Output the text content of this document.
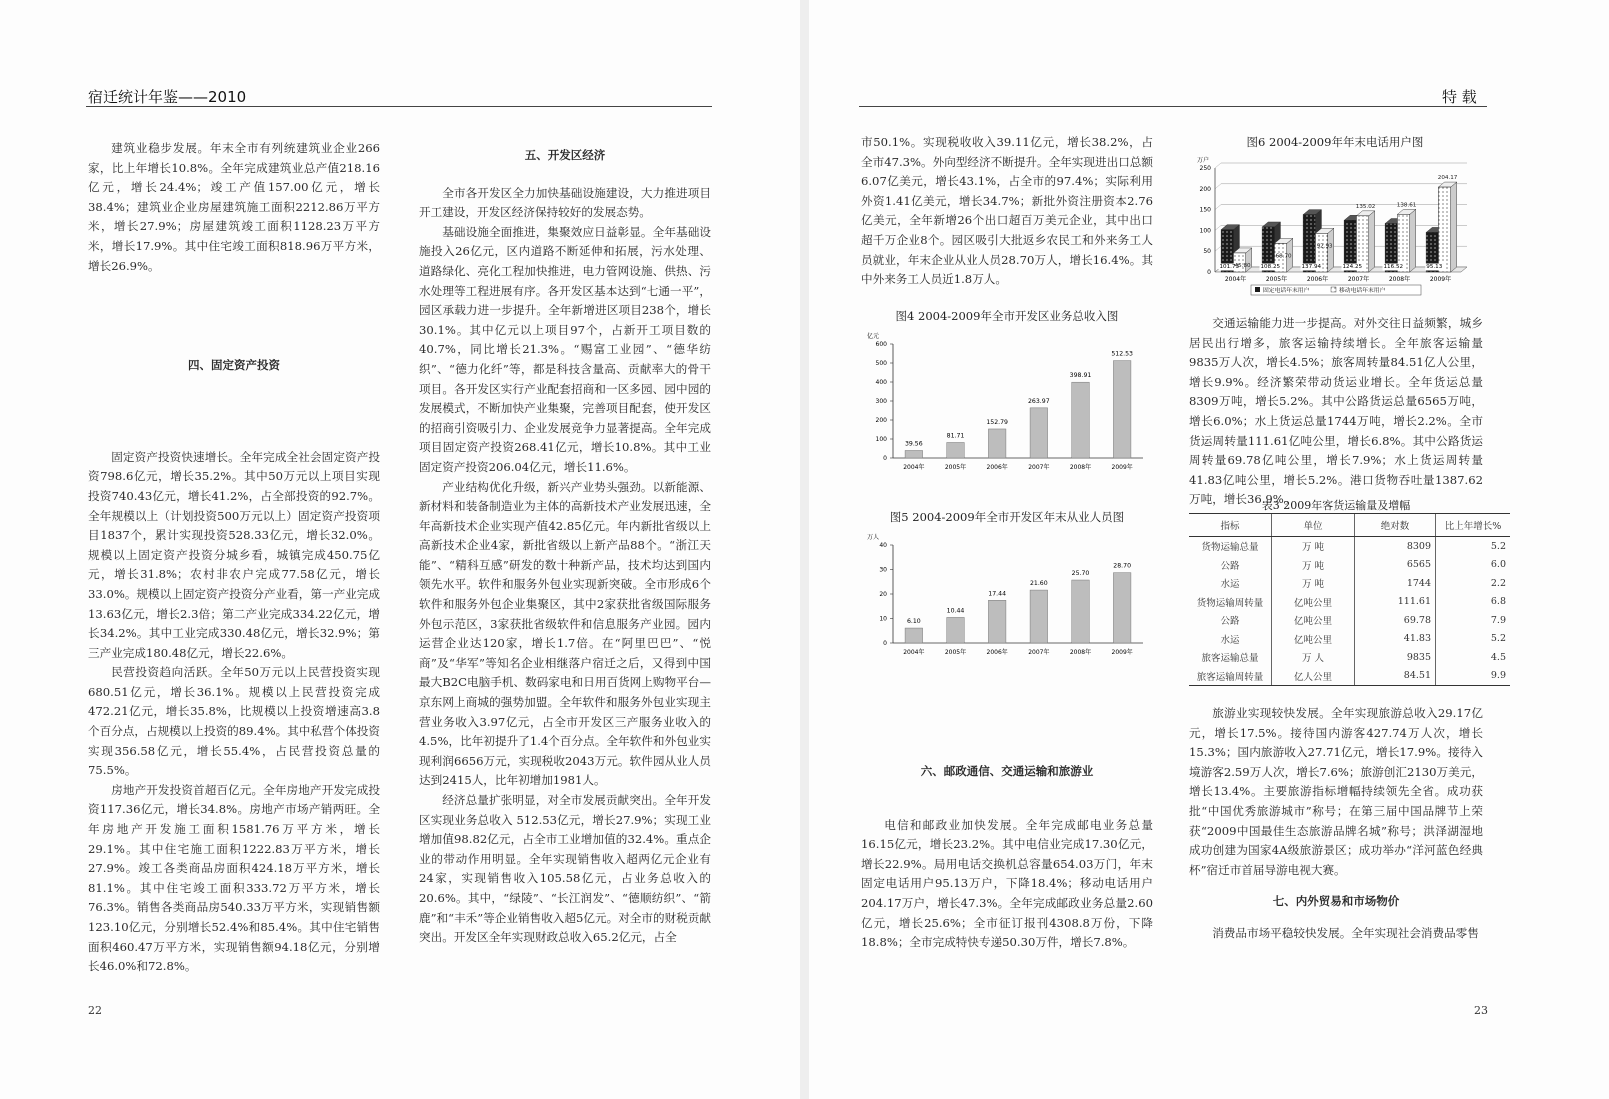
宿迁统计年鉴——2010

建筑业稳步发展。年末全市有列统建筑业企业266家，比上年增长10.8%。全年完成建筑业总产值218.16亿元，增长24.4%；竣工产值157.00亿元，增长38.4%；建筑业企业房屋建筑施工面积2212.86万平方米，增长27.9%；房屋建筑竣工面积1128.23万平方米，增长17.9%。其中住宅竣工面积818.96万平方米，增长26.9%。

四、固定资产投资

固定资产投资快速增长。全年完成全社会固定资产投资798.6亿元，增长35.2%。其中50万元以上项目实现投资740.43亿元，增长41.2%，占全部投资的92.7%。全年规模以上（计划投资500万元以上）固定资产投资项目1837个，累计实现投资528.33亿元，增长32.0%。规模以上固定资产投资分城乡看，城镇完成450.75亿元，增长31.8%；农村非农户完成77.58亿元，增长33.0%。规模以上固定资产投资分产业看，第一产业完成13.63亿元，增长2.3倍；第二产业完成334.22亿元，增长34.2%。其中工业完成330.48亿元，增长32.9%；第三产业完成180.48亿元，增长22.6%。

民营投资趋向活跃。全年50万元以上民营投资实现680.51亿元，增长36.1%。规模以上民营投资完成472.21亿元，增长35.8%，比规模以上投资增速高3.8个百分点，占规模以上投资的89.4%。其中私营个体投资实现356.58亿元，增长55.4%，占民营投资总量的75.5%。

房地产开发投资首超百亿元。全年房地产开发完成投资117.36亿元，增长34.8%。房地产市场产销两旺。全年房地产开发施工面积1581.76万平方米，增长29.1%。其中住宅施工面积1222.83万平方米，增长27.9%。竣工各类商品房面积424.18万平方米，增长81.1%。其中住宅竣工面积333.72万平方米，增长76.3%。销售各类商品房540.33万平方米，实现销售额123.10亿元，分别增长52.4%和85.4%。其中住宅销售面积460.47万平方米，实现销售额94.18亿元，分别增长46.0%和72.8%。

五、开发区经济

全市各开发区全力加快基础设施建设，大力推进项目开工建设，开发区经济保持较好的发展态势。

基础设施全面推进，集聚效应日益彰显。全年基础设施投入26亿元，区内道路不断延伸和拓展，污水处理、道路绿化、亮化工程加快推进，电力管网设施、供热、污水处理等工程进展有序。各开发区基本达到“七通一平”，园区承载力进一步提升。全年新增进区项目238个，增长30.1%。其中亿元以上项目97个，占新开工项目数的40.7%，同比增长21.3%。“赐富工业园”、“德华纺织”、“德力化纤”等，都是科技含量高、贡献率大的骨干项目。各开发区实行产业配套招商和一区多园、园中园的发展模式，不断加快产业集聚，完善项目配套，使开发区的招商引资吸引力、企业发展竞争力显著提高。全年完成项目固定资产投资268.41亿元，增长10.8%。其中工业固定资产投资206.04亿元，增长11.6%。

产业结构优化升级，新兴产业势头强劲。以新能源、新材料和装备制造业为主体的高新技术产业发展迅速，全年高新技术企业实现产值42.85亿元。年内新批省级以上高新技术企业4家，新批省级以上新产品88个。“浙江天能”、“精科互感”研发的数十种新产品，技术均达到国内领先水平。软件和服务外包业实现新突破。全市形成6个软件和服务外包企业集聚区，其中2家获批省级国际服务外包示范区，3家获批省级软件和信息服务产业园。园内运营企业达120家，增长1.7倍。在“阿里巴巴”、“悦商”及“华军”等知名企业相继落户宿迁之后，又得到中国最大B2C电脑手机、数码家电和日用百货网上购物平台—京东网上商城的强势加盟。全年软件和服务外包业实现主营业务收入3.97亿元，占全市开发区三产服务业收入的4.5%，比年初提升了1.4个百分点。全年软件和外包业实现利润6656万元，实现税收2043万元。软件园从业人员达到2415人，比年初增加1981人。

经济总量扩张明显，对全市发展贡献突出。全年开发区实现业务总收入 512.53亿元，增长27.9%；实现工业增加值98.82亿元，占全市工业增加值的32.4%。重点企业的带动作用明显。全年实现销售收入超两亿元企业有24家，实现销售收入105.58亿元，占业务总收入的20.6%。其中，“绿陵”、“长江润发”、“德顺纺织”、“箭鹿”和“丰禾”等企业销售收入超5亿元。对全市的财税贡献突出。开发区全年实现财政总收入65.2亿元，占全

22
特 载

市50.1%。实现税收收入39.11亿元，增长38.2%，占全市47.3%。外向型经济不断提升。全年实现进出口总额6.07亿美元，增长43.1%，占全市的97.4%；实际利用外资1.41亿美元，增长34.7%；新批外资注册资本2.76亿美元，全年新增26个出口超百万美元企业，其中出口超千万企业8个。园区吸引大批返乡农民工和外来务工人员就业，年末企业从业人员28.70万人，增长16.4%。其中外来务工人员近1.8万人。

图4 2004-2009年全市开发区业务总收入图
亿元
0
100
200
300
400
500
600
39.56
2004年
81.71
2005年
152.79
2006年
263.97
2007年
398.91
2008年
512.53
2009年
图5 2004-2009年全市开发区年末从业人员图
万人
0
10
20
30
40
6.10
2004年
10.44
2005年
17.44
2006年
21.60
2007年
25.70
2008年
28.70
2009年

六、邮政通信、交通运输和旅游业

电信和邮政业加快发展。全年完成邮电业务总量16.15亿元，增长23.2%。其中电信业完成17.30亿元，增长22.9%。局用电话交换机总容量654.03万门，年末固定电话用户95.13万户，下降18.4%；移动电话用户204.17万户，增长47.3%。全年完成邮政业务总量2.60亿元，增长25.6%；全市征订报刊4308.8万份，下降18.8%；全市完成特快专递50.30万件，增长7.8%。

图6 2004-2009年年末电话用户图
万户
0
50
100
150
200
250
101.73
45.80
2004年
108.25
68.70
2005年
137.94
92.93
2006年
124.25
135.02
2007年
116.52
138.61
2008年
95.13
204.17
2009年
固定电话年末用户	移动电话年末用户

交通运输能力进一步提高。对外交往日益频繁，城乡居民出行增多，旅客运输持续增长。全年旅客运输量9835万人次，增长4.5%；旅客周转量84.51亿人公里，增长9.9%。经济繁荣带动货运业增长。全年货运总量8309万吨，增长5.2%。其中公路货运总量6565万吨，增长6.0%；水上货运总量1744万吨，增长2.2%。全市货运周转量111.61亿吨公里，增长6.8%。其中公路货运周转量69.78亿吨公里，增长7.9%；水上货运周转量41.83亿吨公里，增长5.2%。港口货物吞吐量1387.62万吨，增长36.9%。

表3 2009年客货运输量及增幅
指标	单位	绝对数	比上年增长%
货物运输总量	万 吨	8309	5.2
公路	万 吨	6565	6.0
水运	万 吨	1744	2.2
货物运输周转量	亿吨公里	111.61	6.8
公路	亿吨公里	69.78	7.9
水运	亿吨公里	41.83	5.2
旅客运输总量	万 人	9835	4.5
旅客运输周转量	亿人公里	84.51	9.9

旅游业实现较快发展。全年实现旅游总收入29.17亿元，增长17.5%。接待国内游客427.74万人次，增长15.3%；国内旅游收入27.71亿元，增长17.9%。接待入境游客2.59万人次，增长7.6%；旅游创汇2130万美元，增长13.4%。主要旅游指标增幅持续领先全省。成功获批“中国优秀旅游城市”称号；在第三届中国品牌节上荣获“2009中国最佳生态旅游品牌名城”称号；洪泽湖湿地成功创建为国家4A级旅游景区；成功举办“洋河蓝色经典杯”宿迁市首届导游电视大赛。

七、内外贸易和市场物价

消费品市场平稳较快发展。全年实现社会消费品零售

23
